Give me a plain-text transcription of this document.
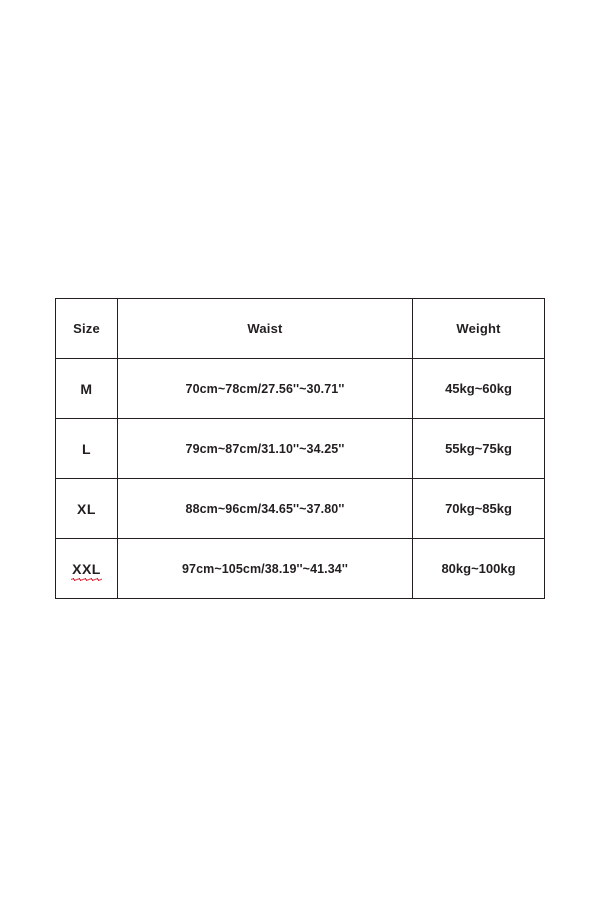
Size	Waist	Weight
M	70cm~78cm/27.56''~30.71''	45kg~60kg
L	79cm~87cm/31.10''~34.25''	55kg~75kg
XL	88cm~96cm/34.65''~37.80''	70kg~85kg
XXL	97cm~105cm/38.19''~41.34''	80kg~100kg
